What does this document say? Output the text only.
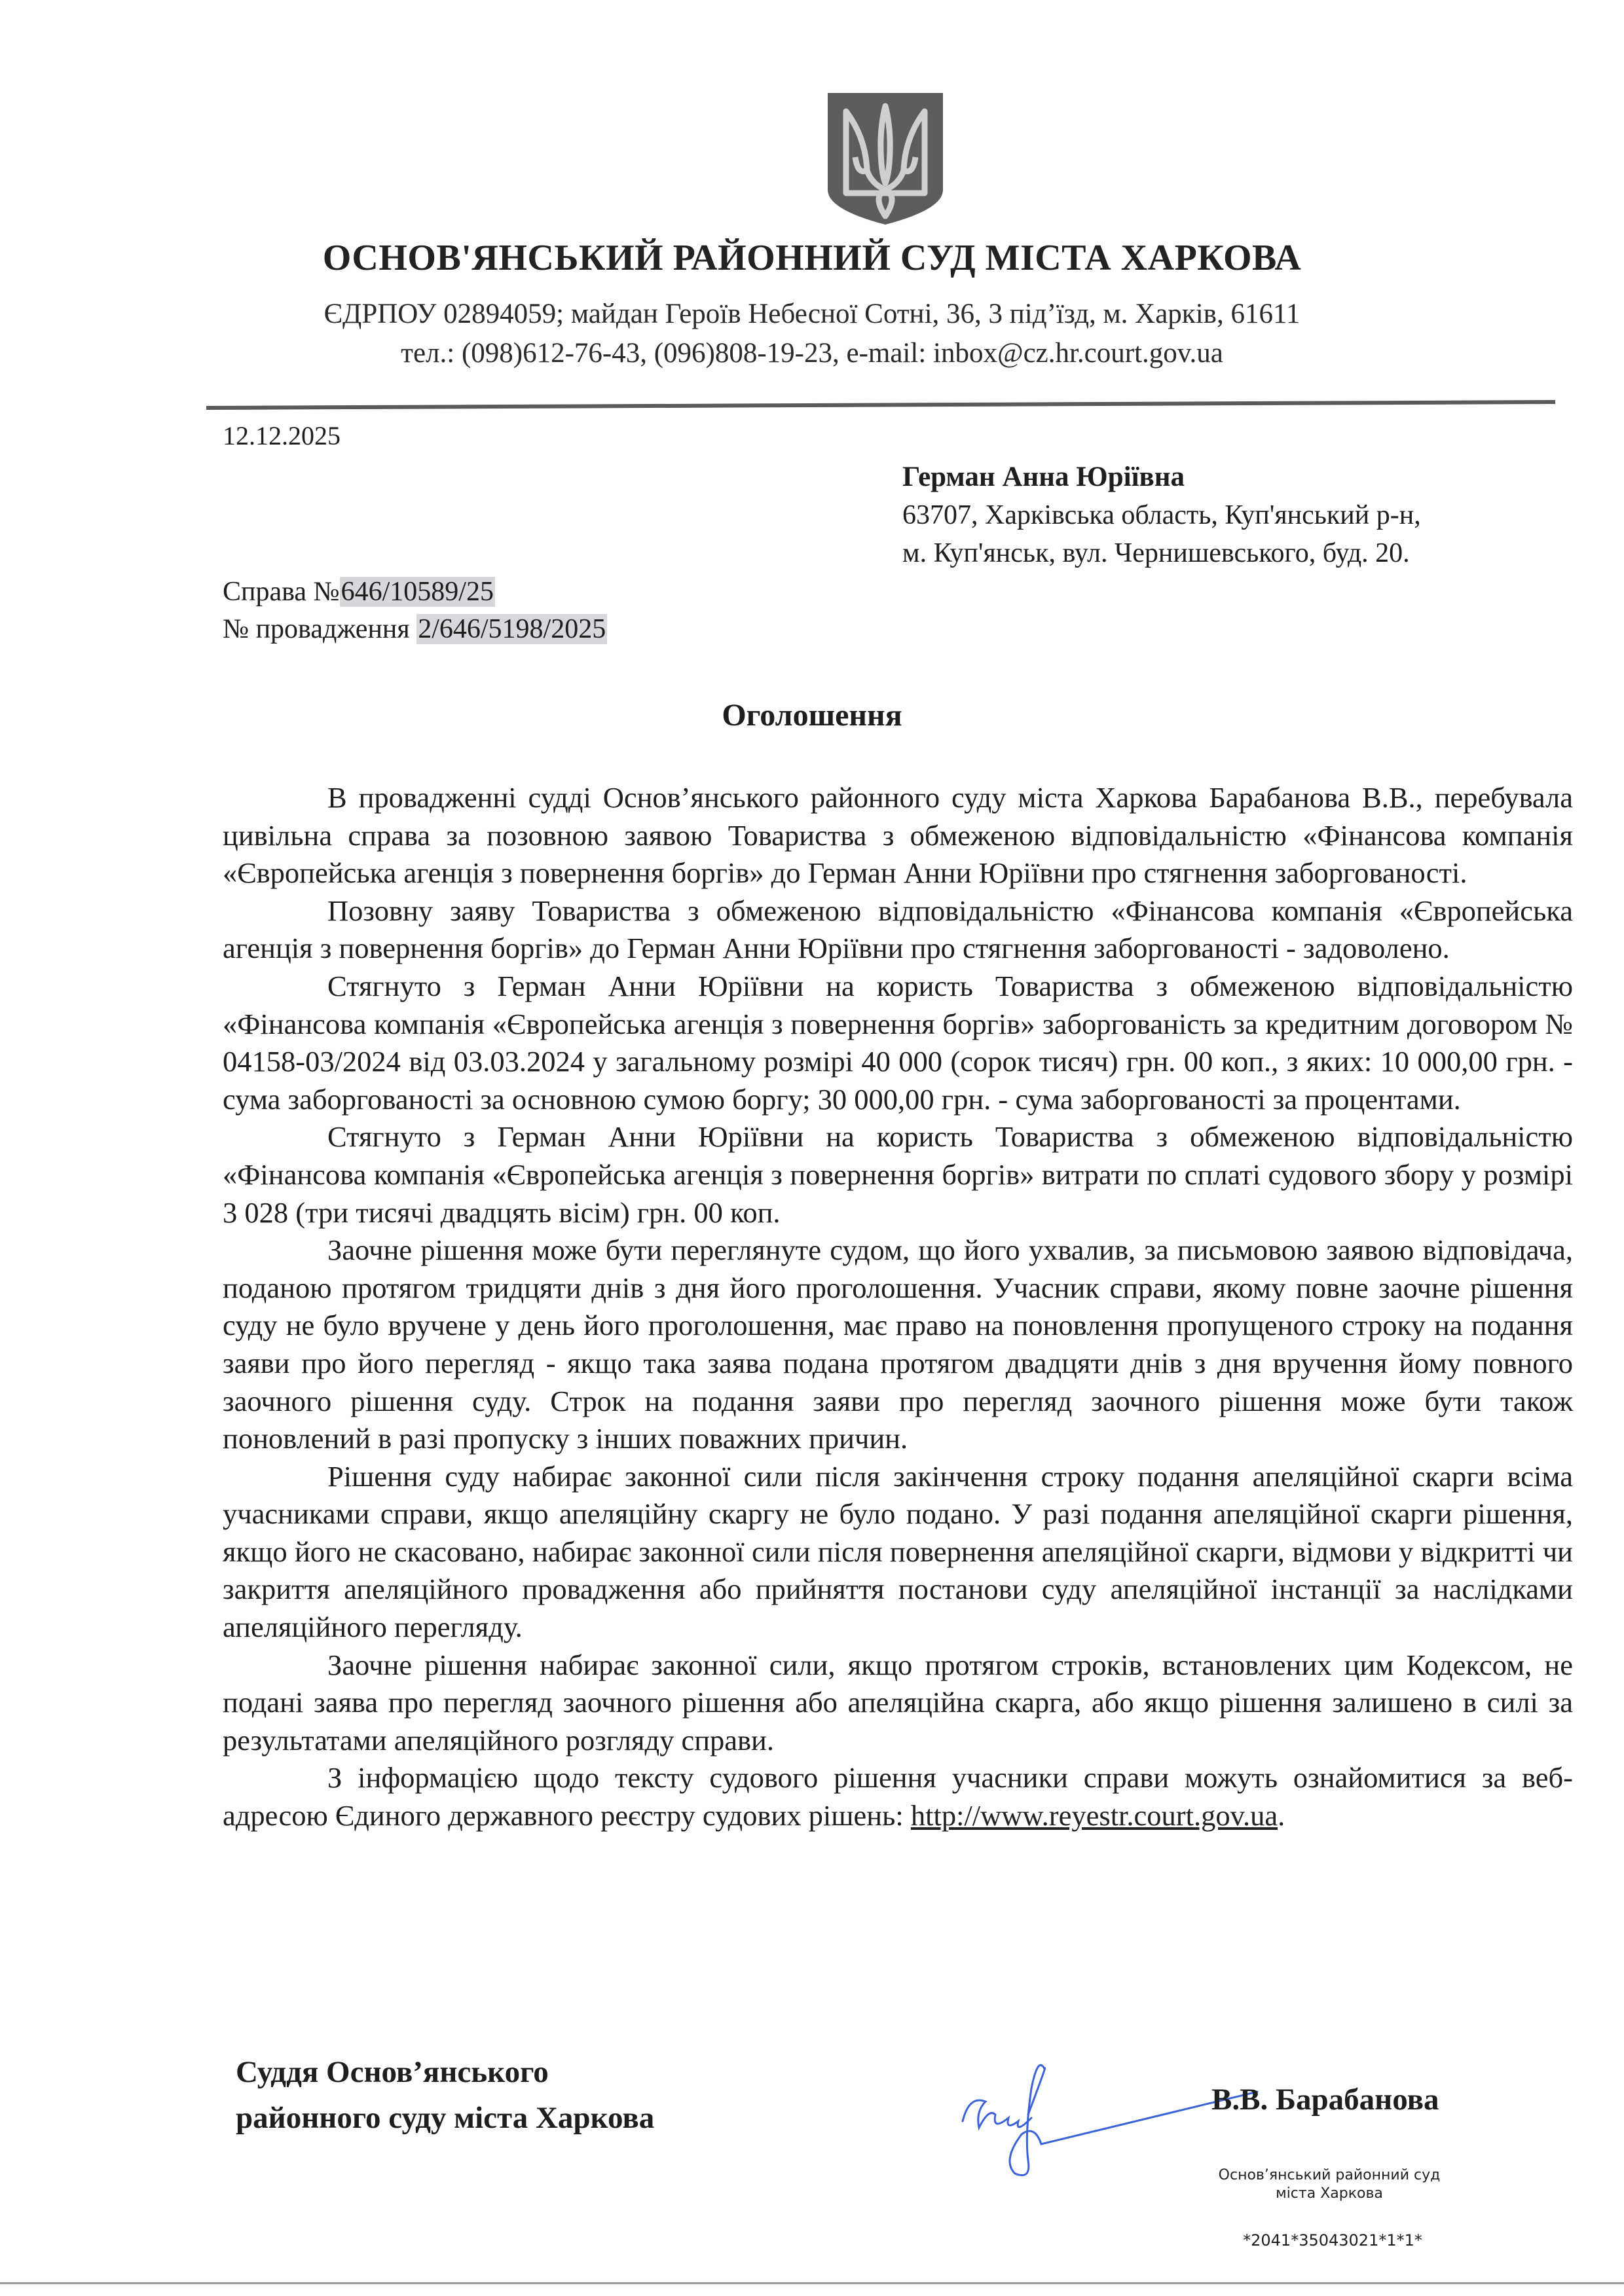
ОСНОВ'ЯНСЬКИЙ РАЙОННИЙ СУД МІСТА ХАРКОВА
ЄДРПОУ 02894059; майдан Героїв Небесної Сотні, 36, 3 під’їзд, м. Харків, 61611
тел.: (098)612-76-43, (096)808-19-23, e-mail: inbox@cz.hr.court.gov.ua
12.12.2025
Герман Анна Юріївна
63707, Харківська область, Куп'янський р-н,
м. Куп'янськ, вул. Чернишевського, буд. 20.
Справа №646/10589/25
№ провадження 2/646/5198/2025
Оголошення

В провадженні судді Основ’янського районного суду міста Харкова Барабанова В.В., перебувала цивільна справа за позовною заявою Товариства з обмеженою відповідальністю «Фінансова компанія «Європейська агенція з повернення боргів» до Герман Анни Юріївни про стягнення заборгованості.

Позовну заяву Товариства з обмеженою відповідальністю «Фінансова компанія «Європейська агенція з повернення боргів» до Герман Анни Юріївни про стягнення заборгованості - задоволено.

Стягнуто з Герман Анни Юріївни на користь Товариства з обмеженою відповідальністю «Фінансова компанія «Європейська агенція з повернення боргів» заборгованість за кредитним договором № 04158-03/2024 від 03.03.2024 у загальному розмірі 40 000 (сорок тисяч) грн. 00 коп., з яких: 10 000,00 грн. - сума заборгованості за основною сумою боргу; 30 000,00 грн. - сума заборгованості за процентами.

Стягнуто з Герман Анни Юріївни на користь Товариства з обмеженою відповідальністю «Фінансова компанія «Європейська агенція з повернення боргів» витрати по сплаті судового збору у розмірі 3 028 (три тисячі двадцять вісім) грн. 00 коп.

Заочне рішення може бути переглянуте судом, що його ухвалив, за письмовою заявою відповідача, поданою протягом тридцяти днів з дня його проголошення. Учасник справи, якому повне заочне рішення суду не було вручене у день його проголошення, має право на поновлення пропущеного строку на подання заяви про його перегляд - якщо така заява подана протягом двадцяти днів з дня вручення йому повного заочного рішення суду. Строк на подання заяви про перегляд заочного рішення може бути також поновлений в разі пропуску з інших поважних причин.

Рішення суду набирає законної сили після закінчення строку подання апеляційної скарги всіма учасниками справи, якщо апеляційну скаргу не було подано. У разі подання апеляційної скарги рішення, якщо його не скасовано, набирає законної сили після повернення апеляційної скарги, відмови у відкритті чи закриття апеляційного провадження або прийняття постанови суду апеляційної інстанції за наслідками апеляційного перегляду.

Заочне рішення набирає законної сили, якщо протягом строків, встановлених цим Кодексом, не подані заява про перегляд заочного рішення або апеляційна скарга, або якщо рішення залишено в силі за результатами апеляційного розгляду справи.

З інформацією щодо тексту судового рішення учасники справи можуть ознайомитися за веб-адресою Єдиного державного реєстру судових рішень: http://www.reyestr.court.gov.ua.

Суддя Основ’янського
районного суду міста Харкова
В.В. Барабанова
Основ’янський районний суд
міста Харкова
*2041*35043021*1*1*
